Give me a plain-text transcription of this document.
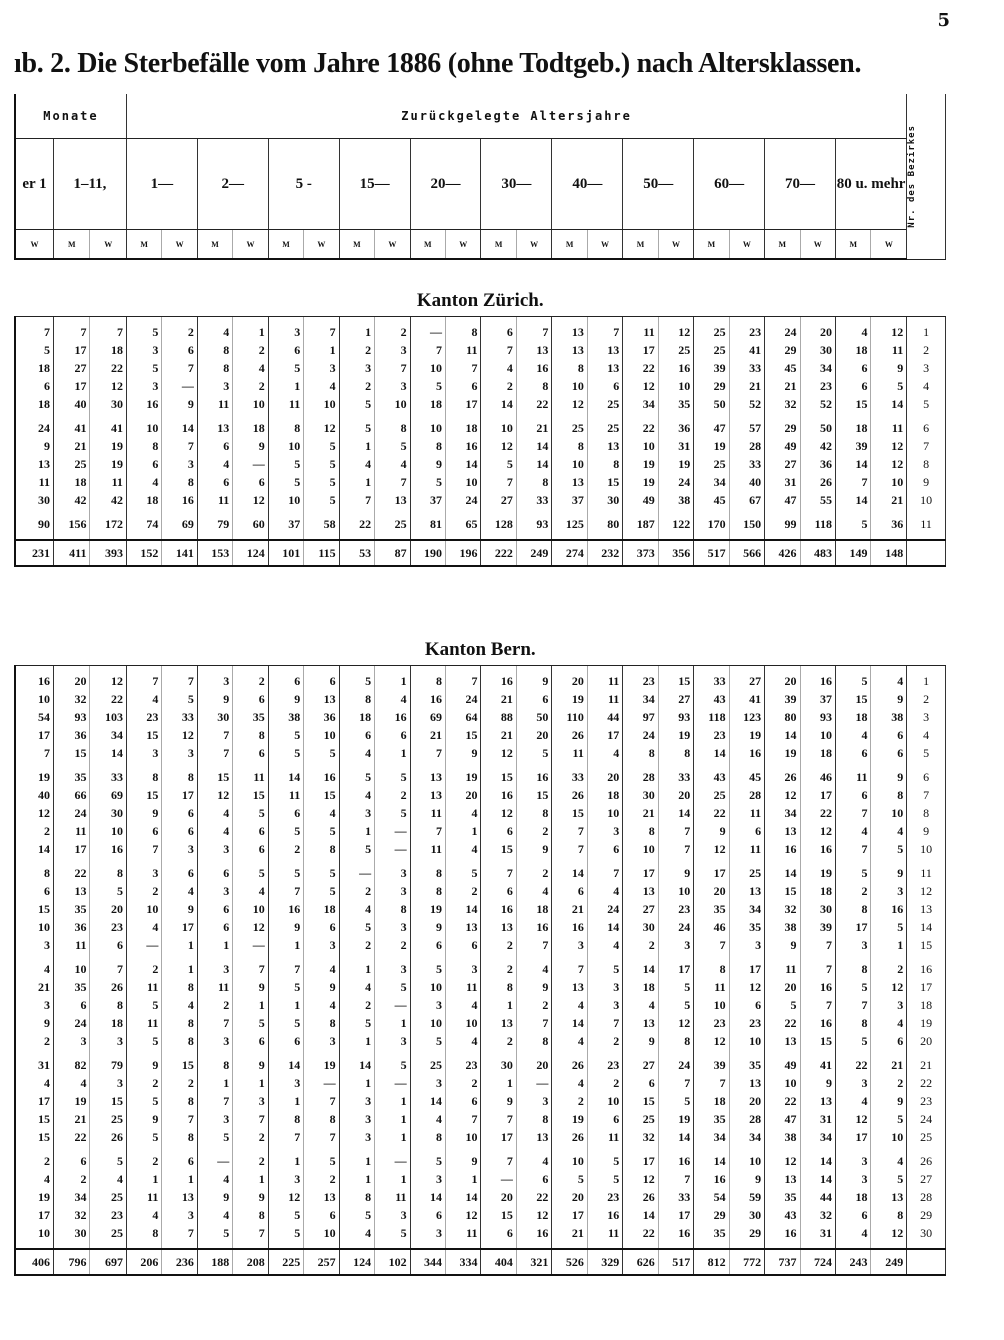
5
ıb. 2. Die Sterbefälle vom Jahre 1886 (ohne Todtgeb.) nach Altersklassen.
Monate			Zurückgelegte Altersjahre																						Nr. des Bezirkes

er 1	1–11,		1—		2—		5 -		15—		20—		30—		40—		50—		60—		70—		80 u. mehr		
W	M	W	M	W	M	W	M	W	M	W	M	W	M	W	M	W	M	W	M	W	M	W	M	W	
Kanton Zürich.																									

7	7	7	5	2	4	1	3	7	1	2	—	8	6	7	13	7	11	12	25	23	24	20	4	12	1
5	17	18	3	6	8	2	6	1	2	3	7	11	7	13	13	13	17	25	25	41	29	30	18	11	2
18	27	22	5	7	8	4	5	3	3	7	10	7	4	16	8	13	22	16	39	33	45	34	6	9	3
6	17	12	3	—	3	2	1	4	2	3	5	6	2	8	10	6	12	10	29	21	21	23	6	5	4
18	40	30	16	9	11	10	11	10	5	10	18	17	14	22	12	25	34	35	50	52	32	52	15	14	5

24	41	41	10	14	13	18	8	12	5	8	10	18	10	21	25	25	22	36	47	57	29	50	18	11	6
9	21	19	8	7	6	9	10	5	1	5	8	16	12	14	8	13	10	31	19	28	49	42	39	12	7
13	25	19	6	3	4	—	5	5	4	4	9	14	5	14	10	8	19	19	25	33	27	36	14	12	8
11	18	11	4	8	6	6	5	5	1	7	5	10	7	8	13	15	19	24	34	40	31	26	7	10	9
30	42	42	18	16	11	12	10	5	7	13	37	24	27	33	37	30	49	38	45	67	47	55	14	21	10

90	156	172	74	69	79	60	37	58	22	25	81	65	128	93	125	80	187	122	170	150	99	118	5	36	11

231	411	393	152	141	153	124	101	115	53	87	190	196	222	249	274	232	373	356	517	566	426	483	149	148	

Kanton Bern.																									

16	20	12	7	7	3	2	6	6	5	1	8	7	16	9	20	11	23	15	33	27	20	16	5	4	1
10	32	22	4	5	9	6	9	13	8	4	16	24	21	6	19	11	34	27	43	41	39	37	15	9	2
54	93	103	23	33	30	35	38	36	18	16	69	64	88	50	110	44	97	93	118	123	80	93	18	38	3
17	36	34	15	12	7	8	5	10	6	6	21	15	21	20	26	17	24	19	23	19	14	10	4	6	4
7	15	14	3	3	7	6	5	5	4	1	7	9	12	5	11	4	8	8	14	16	19	18	6	6	5

19	35	33	8	8	15	11	14	16	5	5	13	19	15	16	33	20	28	33	43	45	26	46	11	9	6
40	66	69	15	17	12	15	11	15	4	2	13	20	16	15	26	18	30	20	25	28	12	17	6	8	7
12	24	30	9	6	4	5	6	4	3	5	11	4	12	8	15	10	21	14	22	11	34	22	7	10	8
2	11	10	6	6	4	6	5	5	1	—	7	1	6	2	7	3	8	7	9	6	13	12	4	4	9
14	17	16	7	3	3	6	2	8	5	—	11	4	15	9	7	6	10	7	12	11	16	16	7	5	10

8	22	8	3	6	6	5	5	5	—	3	8	5	7	2	14	7	17	9	17	25	14	19	5	9	11
6	13	5	2	4	3	4	7	5	2	3	8	2	6	4	6	4	13	10	20	13	15	18	2	3	12
15	35	20	10	9	6	10	16	18	4	8	19	14	16	18	21	24	27	23	35	34	32	30	8	16	13
10	36	23	4	17	6	12	9	6	5	3	9	13	13	16	16	14	30	24	46	35	38	39	17	5	14
3	11	6	—	1	1	—	1	3	2	2	6	6	2	7	3	4	2	3	7	3	9	7	3	1	15

4	10	7	2	1	3	7	7	4	1	3	5	3	2	4	7	5	14	17	8	17	11	7	8	2	16
21	35	26	11	8	11	9	5	9	4	5	10	11	8	9	13	3	18	5	11	12	20	16	5	12	17
3	6	8	5	4	2	1	1	4	2	—	3	4	1	2	4	3	4	5	10	6	5	7	7	3	18
9	24	18	11	8	7	5	5	8	5	1	10	10	13	7	14	7	13	12	23	23	22	16	8	4	19
2	3	3	5	8	3	6	6	3	1	3	5	4	2	8	4	2	9	8	12	10	13	15	5	6	20

31	82	79	9	15	8	9	14	19	14	5	25	23	30	20	26	23	27	24	39	35	49	41	22	21	21
4	4	3	2	2	1	1	3	—	1	—	3	2	1	—	4	2	6	7	7	13	10	9	3	2	22
17	19	15	5	8	7	3	1	7	3	1	14	6	9	3	2	10	15	5	18	20	22	13	4	9	23
15	21	25	9	7	3	7	8	8	3	1	4	7	7	8	19	6	25	19	35	28	47	31	12	5	24
15	22	26	5	8	5	2	7	7	3	1	8	10	17	13	26	11	32	14	34	34	38	34	17	10	25

2	6	5	2	6	—	2	1	5	1	—	5	9	7	4	10	5	17	16	14	10	12	14	3	4	26
4	2	4	1	1	4	1	3	2	1	1	3	1	—	6	5	5	12	7	16	9	13	14	3	5	27
19	34	25	11	13	9	9	12	13	8	11	14	14	20	22	20	23	26	33	54	59	35	44	18	13	28
17	32	23	4	3	4	8	5	6	5	3	6	12	15	12	17	16	14	17	29	30	43	32	6	8	29
10	30	25	8	7	5	7	5	10	4	5	3	11	6	16	21	11	22	16	35	29	16	31	4	12	30

406	796	697	206	236	188	208	225	257	124	102	344	334	404	321	526	329	626	517	812	772	737	724	243	249	
